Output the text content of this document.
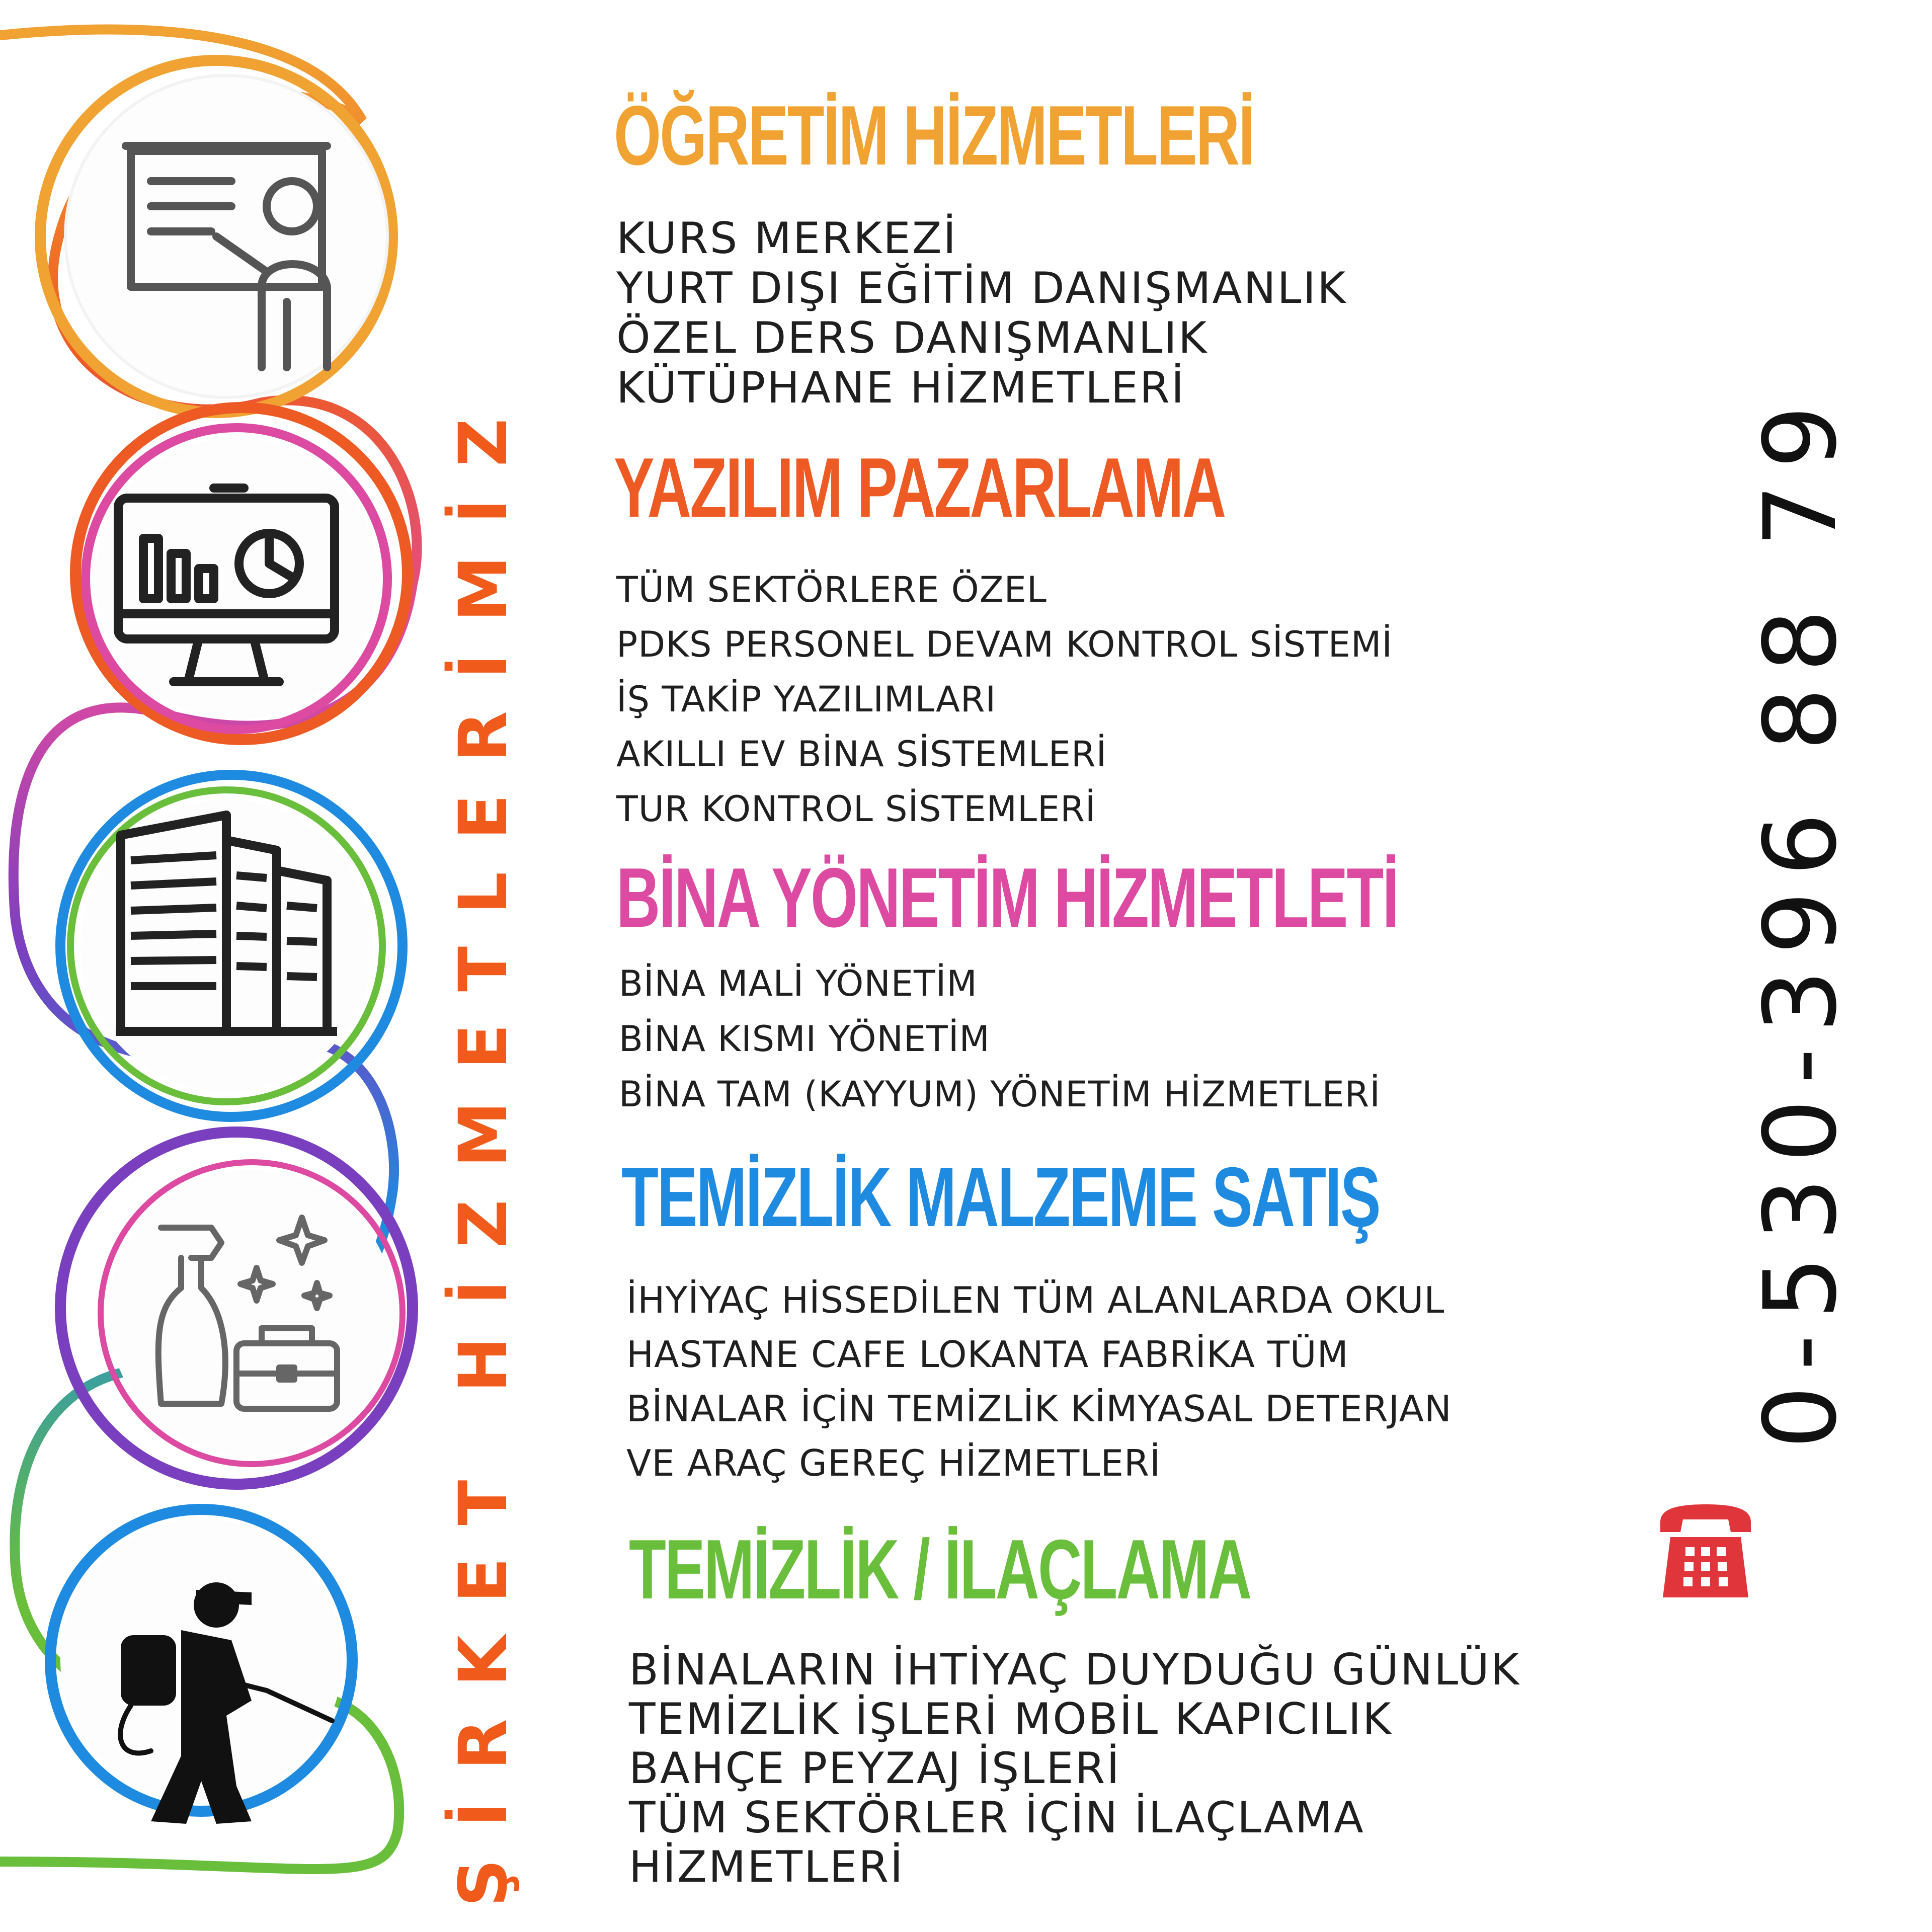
ŞİRKET HİZMETLERİMİZ
ÖĞRETİM HİZMETLERİ
KURS MERKEZİ
YURT DIŞI EĞİTİM DANIŞMANLIK
ÖZEL DERS DANIŞMANLIK
KÜTÜPHANE HİZMETLERİ
YAZILIM PAZARLAMA
TÜM SEKTÖRLERE ÖZEL
PDKS PERSONEL DEVAM KONTROL SİSTEMİ
İŞ TAKİP YAZILIMLARI
AKILLI EV BİNA SİSTEMLERİ
TUR KONTROL SİSTEMLERİ
BİNA YÖNETİM HİZMETLETİ
BİNA MALİ YÖNETİM
BİNA KISMI YÖNETİM
BİNA TAM (KAYYUM) YÖNETİM HİZMETLERİ
TEMİZLİK MALZEME SATIŞ
İHYİYAÇ HİSSEDİLEN TÜM ALANLARDA OKUL
HASTANE CAFE LOKANTA FABRİKA TÜM
BİNALAR İÇİN TEMİZLİK KİMYASAL DETERJAN
VE ARAÇ GEREÇ HİZMETLERİ
TEMİZLİK / İLAÇLAMA
BİNALARIN İHTİYAÇ DUYDUĞU GÜNLÜK
TEMİZLİK İŞLERİ MOBİL KAPICILIK
BAHÇE PEYZAJ İŞLERİ
TÜM SEKTÖRLER İÇİN İLAÇLAMA
HİZMETLERİ
0-530-396 88 79
